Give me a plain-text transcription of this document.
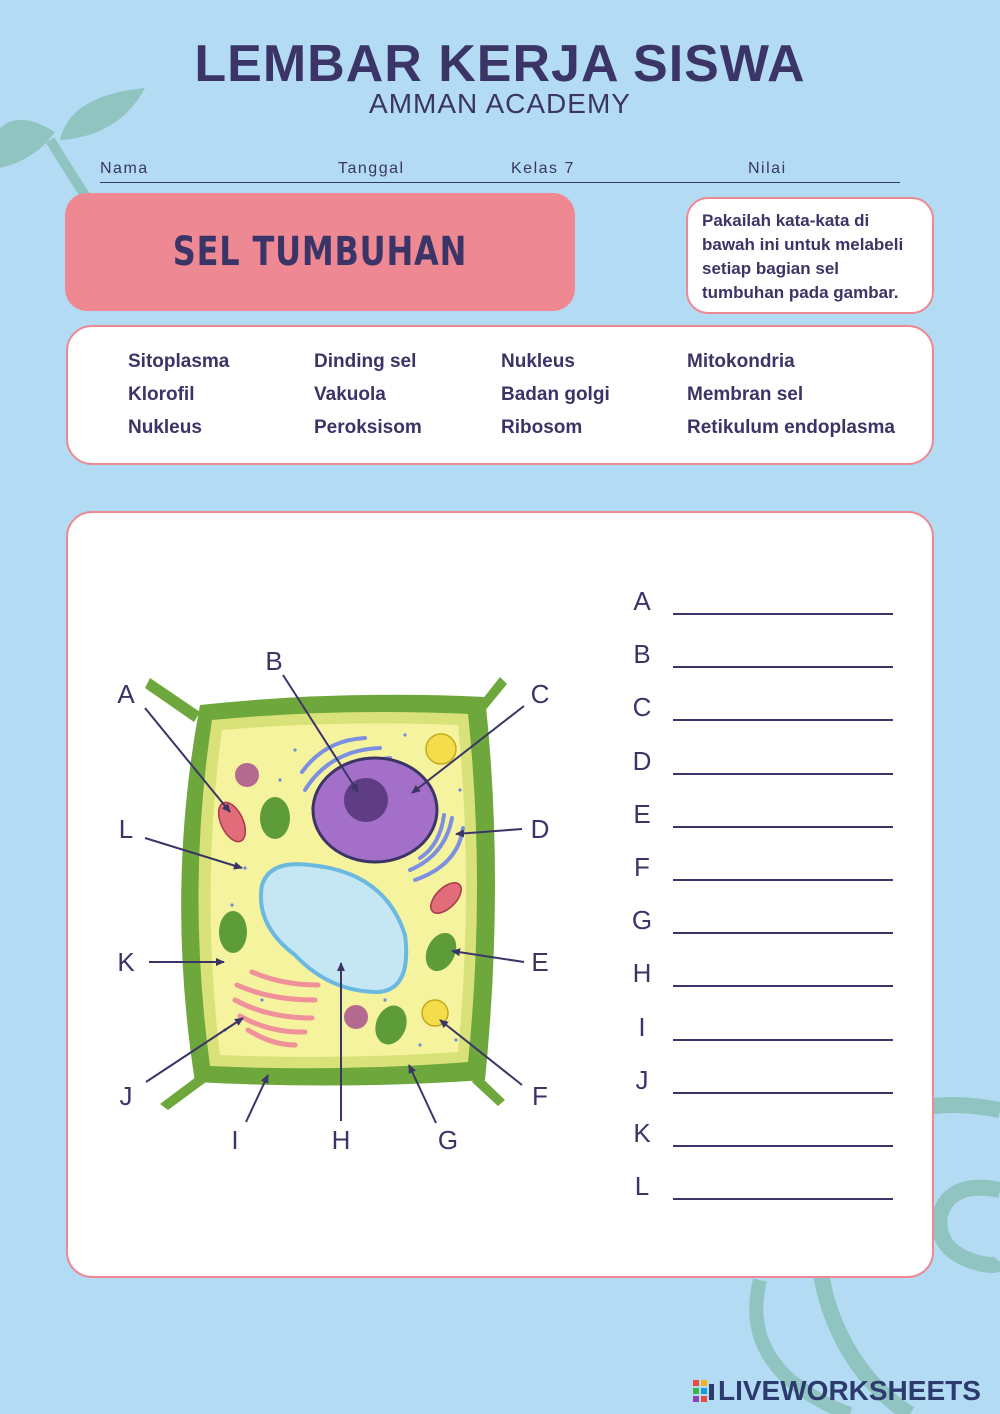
LEMBAR KERJA SISWA
AMMAN ACADEMY
Nama	Tanggal	Kelas 7	Nilai
SEL TUMBUHAN
Pakailah kata-kata di bawah ini untuk melabeli setiap bagian sel tumbuhan pada gambar.
Sitoplasma	Dinding sel	Nukleus	Mitokondria
Klorofil	Vakuola	Badan golgi	Membran sel
Nukleus	Peroksisom	Ribosom	Retikulum endoplasma
A
B
C
D
E
F
G
H
I
J
K
L
A
B
C
D
E
F
G
H
I
J
K
L
LIVEWORKSHEETS
